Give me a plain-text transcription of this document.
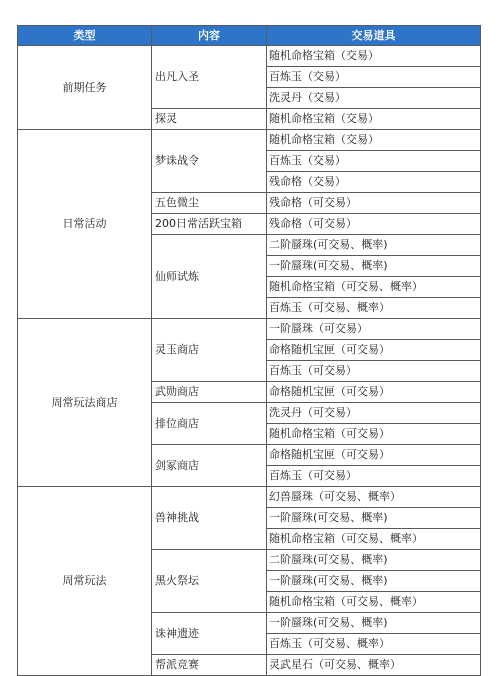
类型	内容	交易道具
前期任务	出凡入圣	随机命格宝箱（交易）
		百炼玉（交易）
		洗灵丹（交易）
	探灵	随机命格宝箱（交易）
日常活动	梦诛战令	随机命格宝箱（交易）
		百炼玉（交易）
		残命格（交易）
	五色微尘	残命格（可交易）
	200日常活跃宝箱	残命格（可交易）
	仙师试炼	二阶蜃珠(可交易、概率)
		一阶蜃珠(可交易、概率)
		随机命格宝箱（可交易、概率）
		百炼玉（可交易、概率）
周常玩法商店	灵玉商店	一阶蜃珠（可交易）
		命格随机宝匣（可交易）
		百炼玉（可交易）
	武勋商店	命格随机宝匣（可交易）
	排位商店	洗灵丹（可交易）
		随机命格宝箱（可交易）
	剑冢商店	命格随机宝匣（可交易）
		百炼玉（可交易）
周常玩法	兽神挑战	幻兽蜃珠（可交易、概率）
		一阶蜃珠(可交易、概率)
		随机命格宝箱（可交易、概率）
	黑火祭坛	二阶蜃珠(可交易、概率)
		一阶蜃珠(可交易、概率)
		随机命格宝箱（可交易、概率）
	诛神遗迹	一阶蜃珠(可交易、概率)
		百炼玉（可交易、概率）
	帮派竞赛	灵武星石（可交易、概率）
